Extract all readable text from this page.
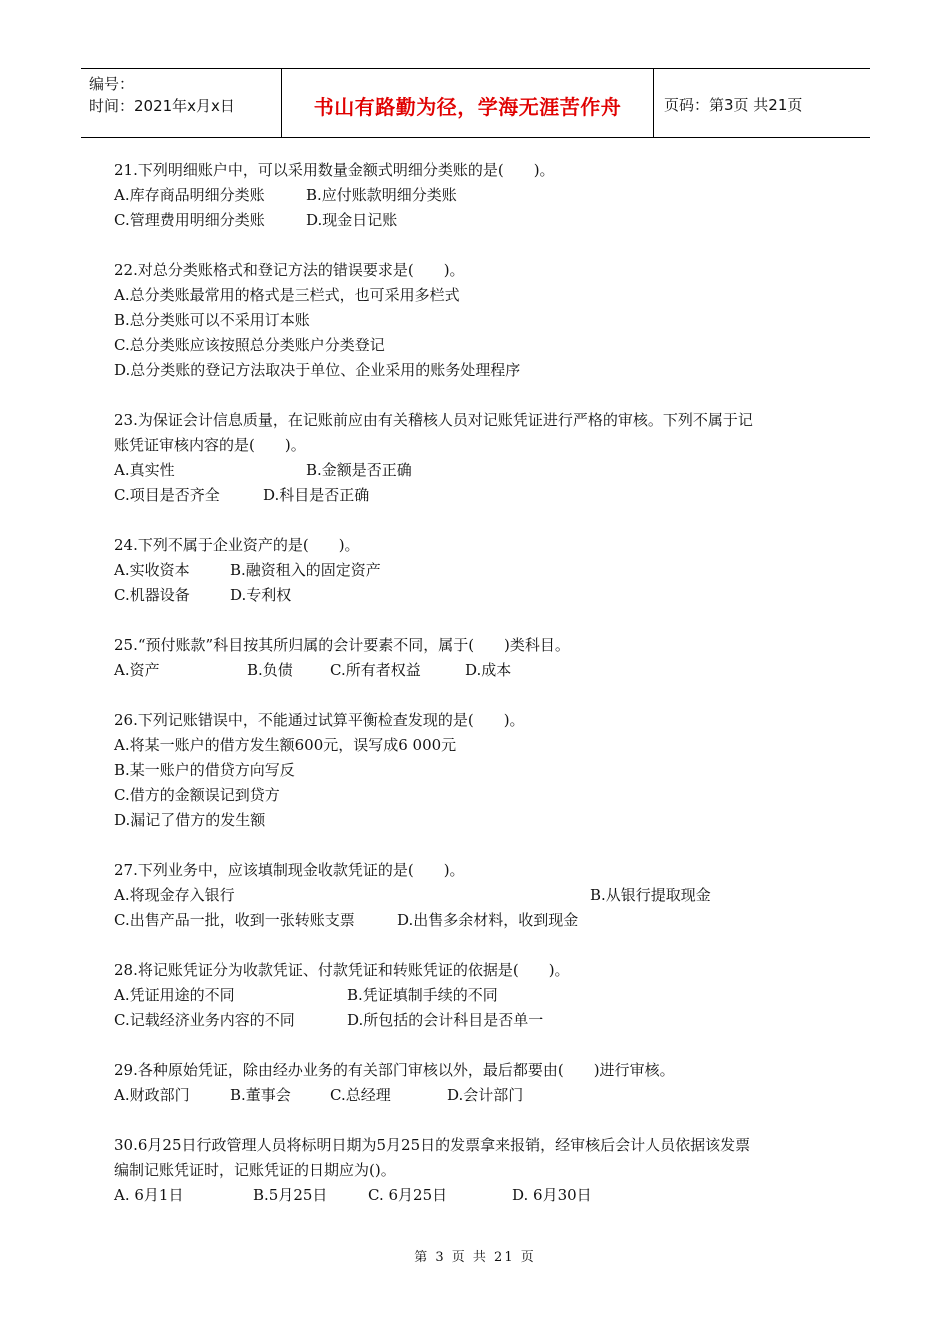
编号：
时间：2021年x月x日	书山有路勤为径，学海无涯苦作舟	页码：第3页 共21页
21.下列明细账户中，可以采用数量金额式明细分类账的是(　　)。
A.库存商品明细分类账	B.应付账款明细分类账
C.管理费用明细分类账	D.现金日记账
22.对总分类账格式和登记方法的错误要求是(　　)。
A.总分类账最常用的格式是三栏式，也可采用多栏式
B.总分类账可以不采用订本账
C.总分类账应该按照总分类账户分类登记
D.总分类账的登记方法取决于单位、企业采用的账务处理程序
23.为保证会计信息质量，在记账前应由有关稽核人员对记账凭证进行严格的审核。下列不属于记
账凭证审核内容的是(　　)。
A.真实性	B.金额是否正确
C.项目是否齐全	D.科目是否正确
24.下列不属于企业资产的是(　　)。
A.实收资本	B.融资租入的固定资产
C.机器设备	D.专利权
25.“预付账款”科目按其所归属的会计要素不同，属于(　　)类科目。
A.资产	B.负债 C.所有者权益	D.成本
26.下列记账错误中，不能通过试算平衡检查发现的是(　　)。
A.将某一账户的借方发生额600元，误写成6 000元
B.某一账户的借贷方向写反
C.借方的金额误记到贷方
D.漏记了借方的发生额
27.下列业务中，应该填制现金收款凭证的是(　　)。
A.将现金存入银行	B.从银行提取现金
C.出售产品一批，收到一张转账支票	D.出售多余材料，收到现金
28.将记账凭证分为收款凭证、付款凭证和转账凭证的依据是(　　)。
A.凭证用途的不同	B.凭证填制手续的不同
C.记载经济业务内容的不同	D.所包括的会计科目是否单一
29.各种原始凭证，除由经办业务的有关部门审核以外，最后都要由(　　)进行审核。
A.财政部门	B.董事会	C.总经理	D.会计部门
30.6月25日行政管理人员将标明日期为5月25日的发票拿来报销，经审核后会计人员依据该发票
编制记账凭证时，记账凭证的日期应为()。
A. 6月1日	B.5月25日	C. 6月25日	D. 6月30日
第 3 页 共 21 页
